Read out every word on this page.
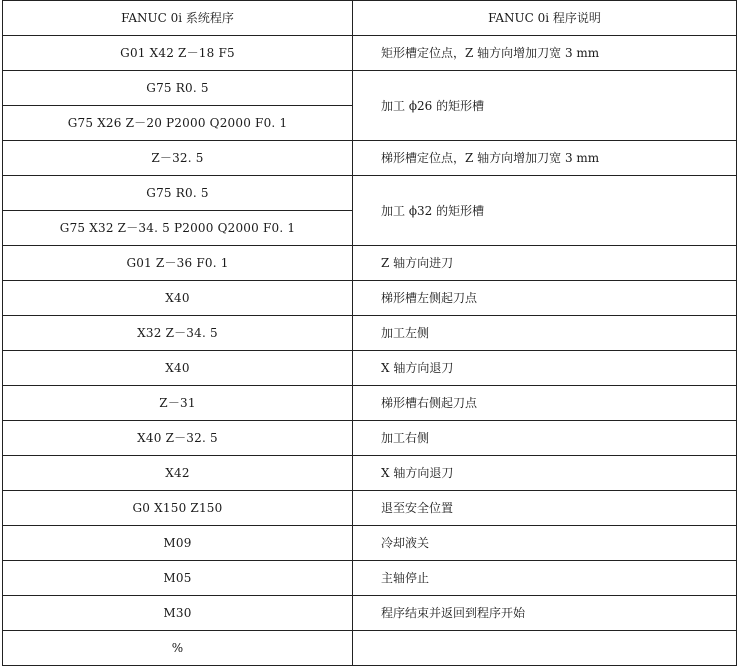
FANUC 0i 系统程序	FANUC 0i 程序说明
G01 X42 Z－18 F5	矩形槽定位点，Z 轴方向增加刀宽 3 mm
G75 R0. 5	加工 ϕ26 的矩形槽
G75 X26 Z－20 P2000 Q2000 F0. 1	
Z－32. 5	梯形槽定位点，Z 轴方向增加刀宽 3 mm
G75 R0. 5	加工 ϕ32 的矩形槽
G75 X32 Z－34. 5 P2000 Q2000 F0. 1	
G01 Z－36 F0. 1	Z 轴方向进刀
X40	梯形槽左侧起刀点
X32 Z－34. 5	加工左侧
X40	X 轴方向退刀
Z－31	梯形槽右侧起刀点
X40 Z－32. 5	加工右侧
X42	X 轴方向退刀
G0 X150 Z150	退至安全位置
M09	冷却液关
M05	主轴停止
M30	程序结束并返回到程序开始
%	
